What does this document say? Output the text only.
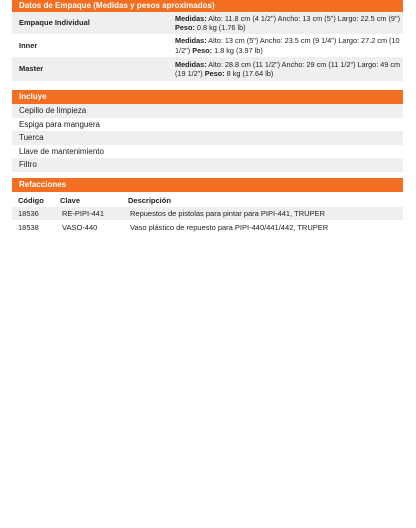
Datos de Empaque (Medidas y pesos aproximados)
Empaque Individual	Medidas: Alto: 11.8 cm (4 1/2") Ancho: 13 cm (5") Largo: 22.5 cm (9") Peso: 0.8 kg (1.76 lb)
Inner	Medidas: Alto: 13 cm (5") Ancho: 23.5 cm (9 1/4") Largo: 27.2 cm (10 1/2") Peso: 1.8 kg (3.97 lb)
Master	Medidas: Alto: 28.8 cm (11 1/2") Ancho: 29 cm (11 1/2") Largo: 49 cm (19 1/2") Peso: 8 kg (17.64 lb)
Incluye
Cepillo de limpieza
Espiga para manguera
Tuerca
Llave de mantenimiento
Filtro
Refacciones
Código	Clave	Descripción
18536	RE-PIPI-441	Repuestos de pistolas para pintar para PIPI-441, TRUPER
18538	VASO-440	Vaso plástico de repuesto para PIPI-440/441/442, TRUPER
